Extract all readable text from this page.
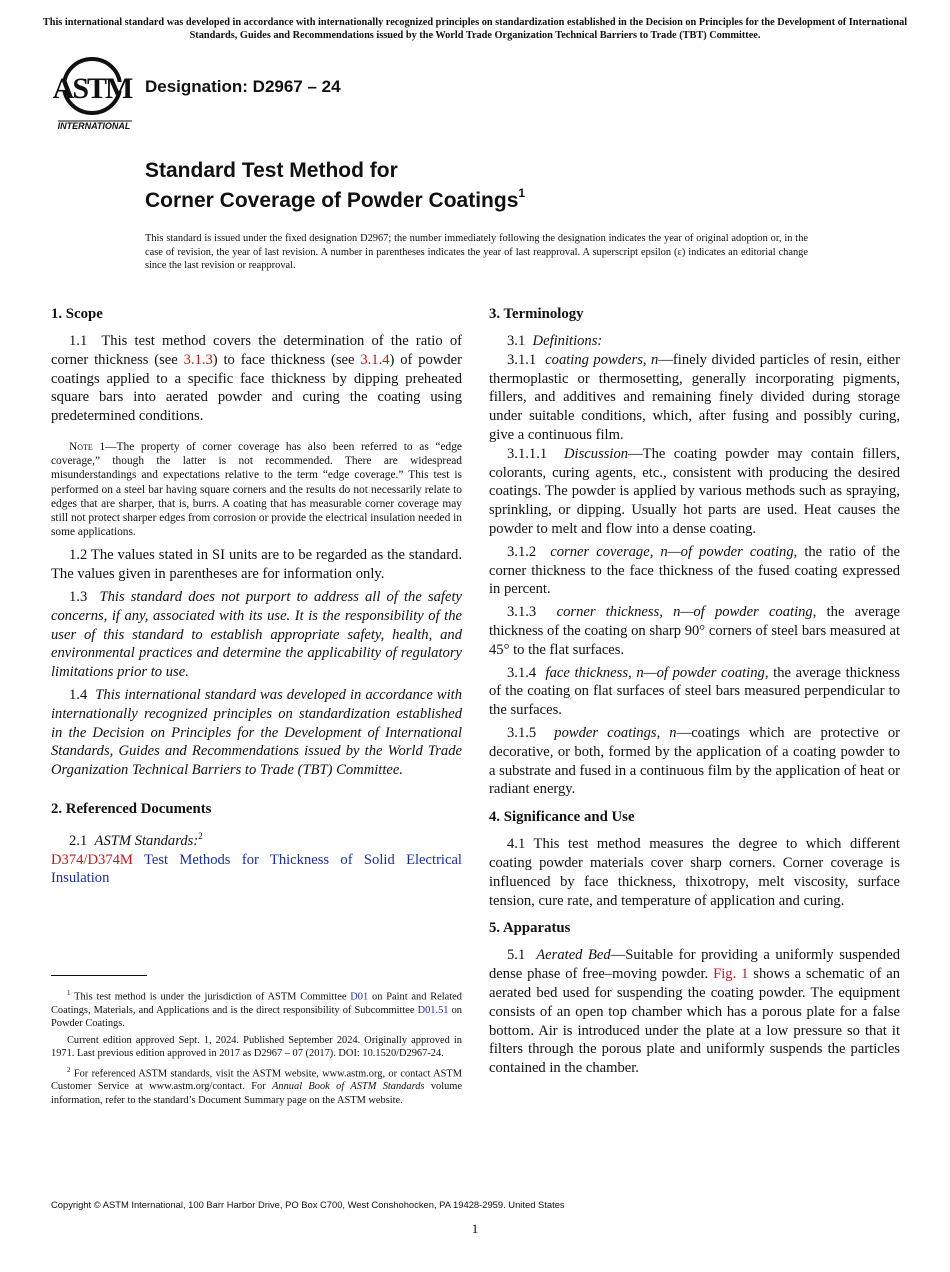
This international standard was developed in accordance with internationally recognized principles on standardization established in the Decision on Principles for the Development of International Standards, Guides and Recommendations issued by the World Trade Organization Technical Barriers to Trade (TBT) Committee.
ASTM
INTERNATIONAL
Designation: D2967 – 24
Standard Test Method for
Corner Coverage of Powder Coatings$^1$
This standard is issued under the fixed designation D2967; the number immediately following the designation indicates the year of original adoption or, in the case of revision, the year of last revision. A number in parentheses indicates the year of last reapproval. A superscript epsilon (ε) indicates an editorial change since the last revision or reapproval.
1. Scope

1.1 This test method covers the determination of the ratio of corner thickness (see 3.1.3) to face thickness (see 3.1.4) of powder coatings applied to a specific face thickness by dipping preheated square bars into aerated powder and curing the coating using predetermined conditions.

Note 1—The property of corner coverage has also been referred to as “edge coverage,” though the latter is not recommended. There are widespread misunderstandings and expectations relative to the term “edge coverage.” This test is performed on a steel bar having square corners and the results do not necessarily relate to edges that are sharper, that is, burrs. A coating that has measurable corner coverage may still not protect sharper edges from corrosion or provide the electrical insulation needed in some applications.

1.2 The values stated in SI units are to be regarded as the standard. The values given in parentheses are for information only.

1.3 This standard does not purport to address all of the safety concerns, if any, associated with its use. It is the responsibility of the user of this standard to establish appropriate safety, health, and environmental practices and determine the applicability of regulatory limitations prior to use.

1.4 This international standard was developed in accordance with internationally recognized principles on standardization established in the Decision on Principles for the Development of International Standards, Guides and Recommendations issued by the World Trade Organization Technical Barriers to Trade (TBT) Committee.

2. Referenced Documents

2.1 ASTM Standards:$^2$

D374/D374M Test Methods for Thickness of Solid Electrical Insulation

3. Terminology

3.1 Definitions:

3.1.1 coating powders, n—finely divided particles of resin, either thermoplastic or thermosetting, generally incorporating pigments, fillers, and additives and remaining finely divided during storage under suitable conditions, which, after fusing and possibly curing, give a continuous film.

3.1.1.1 Discussion—The coating powder may contain fillers, colorants, curing agents, etc., consistent with producing the desired coatings. The powder is applied by various methods such as spraying, sprinkling, or dipping. Usually hot parts are used. Heat causes the powder to melt and flow into a dense coating.

3.1.2 corner coverage, n—of powder coating, the ratio of the corner thickness to the face thickness of the fused coating expressed in percent.

3.1.3 corner thickness, n—of powder coating, the average thickness of the coating on sharp 90° corners of steel bars measured at 45° to the flat surfaces.

3.1.4 face thickness, n—of powder coating, the average thickness of the coating on flat surfaces of steel bars measured perpendicular to the surfaces.

3.1.5 powder coatings, n—coatings which are protective or decorative, or both, formed by the application of a coating powder to a substrate and fused in a continuous film by the application of heat or radiant energy.

4. Significance and Use

4.1 This test method measures the degree to which different coating powder materials cover sharp corners. Corner coverage is influenced by face thickness, thixotropy, melt viscosity, surface tension, cure rate, and temperature of application and curing.

5. Apparatus

5.1 Aerated Bed—Suitable for providing a uniformly suspended dense phase of free–moving powder. Fig. 1 shows a schematic of an aerated bed used for suspending the coating powder. The equipment consists of an open top chamber which has a porous plate for a false bottom. Air is introduced under the plate at a low pressure so that it filters through the porous plate and uniformly suspends the particles contained in the chamber.

$^1$ This test method is under the jurisdiction of ASTM Committee D01 on Paint and Related Coatings, Materials, and Applications and is the direct responsibility of Subcommittee D01.51 on Powder Coatings.

Current edition approved Sept. 1, 2024. Published September 2024. Originally approved in 1971. Last previous edition approved in 2017 as D2967 – 07 (2017). DOI: 10.1520/D2967-24.

$^2$ For referenced ASTM standards, visit the ASTM website, www.astm.org, or contact ASTM Customer Service at www.astm.org/contact. For Annual Book of ASTM Standards volume information, refer to the standard’s Document Summary page on the ASTM website.

Copyright © ASTM International, 100 Barr Harbor Drive, PO Box C700, West Conshohocken, PA 19428-2959. United States
1
